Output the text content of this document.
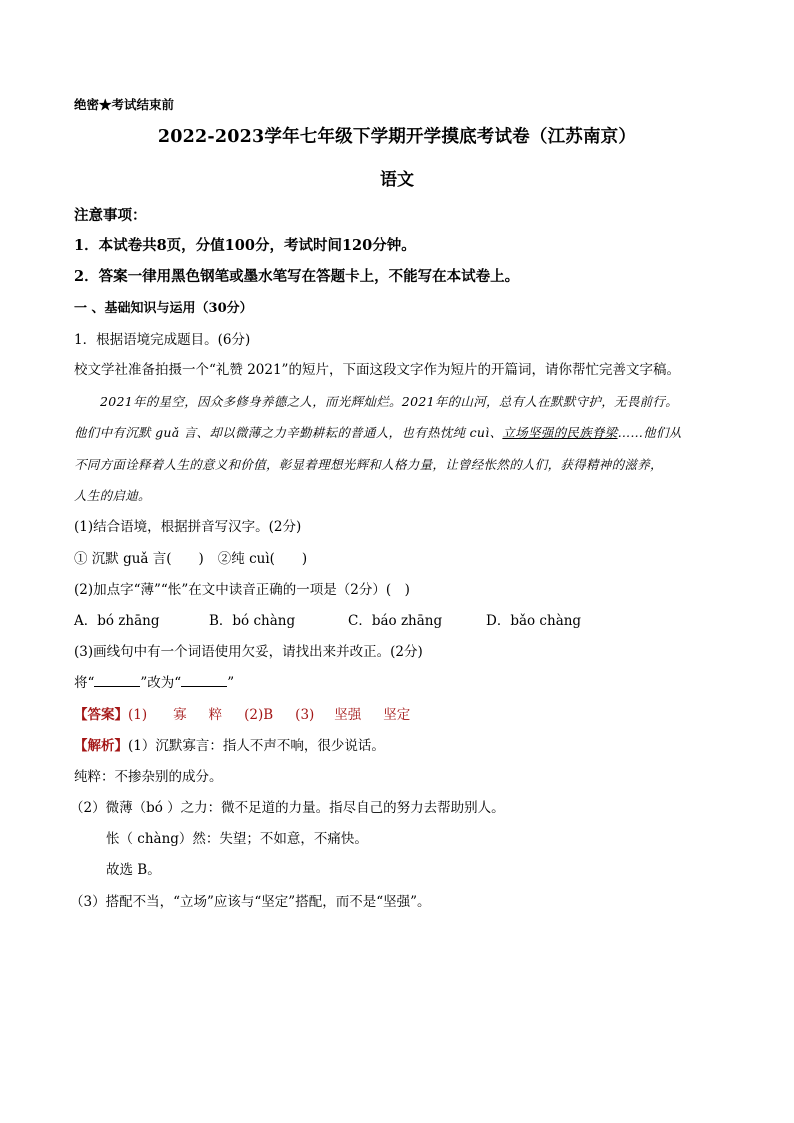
绝密★考试结束前
2022-2023学年七年级下学期开学摸底考试卷（江苏南京）
语文
注意事项：
1．本试卷共8页，分值100分，考试时间120分钟。
2．答案一律用黑色钢笔或墨水笔写在答题卡上，不能写在本试卷上。
一 、基础知识与运用（30分）
1．根据语境完成题目。(6分)
校文学社准备拍摄一个“礼赞 2021”的短片，下面这段文字作为短片的开篇词，请你帮忙完善文字稿。
2021年的星空，因众多修身养德之人，而光辉灿烂。2021年的山河，总有人在默默守护，无畏前行。
他们中有沉默 guǎ 言、却以微薄之力辛勤耕耘的普通人，也有热忱纯 cuì、立场坚强的民族脊梁……他们从
不同方面诠释着人生的意义和价值，彰显着理想光辉和人格力量，让曾经怅然的人们，获得精神的滋养，
人生的启迪。
(1)结合语境，根据拼音写汉字。(2分)
① 沉默 guǎ 言(　　) ②纯 cuì(　　)
(2)加点字“薄”“怅”在文中读音正确的一项是（2分）(　)
A．bó zhāng	B．bó chàng	C．báo zhāng	D．bǎo chàng
(3)画线句中有一个词语使用欠妥，请找出来并改正。(2分)
将“	”改为“	”
【答案】(1) 寡 粹 (2)B (3) 坚强 坚定
【解析】(1）沉默寡言：指人不声不响，很少说话。
纯粹：不掺杂别的成分。
（2）微薄（bó ）之力：微不足道的力量。指尽自己的努力去帮助别人。
怅（ chàng）然：失望；不如意，不痛快。
故选 B。
（3）搭配不当，“立场”应该与“坚定”搭配，而不是“坚强”。
